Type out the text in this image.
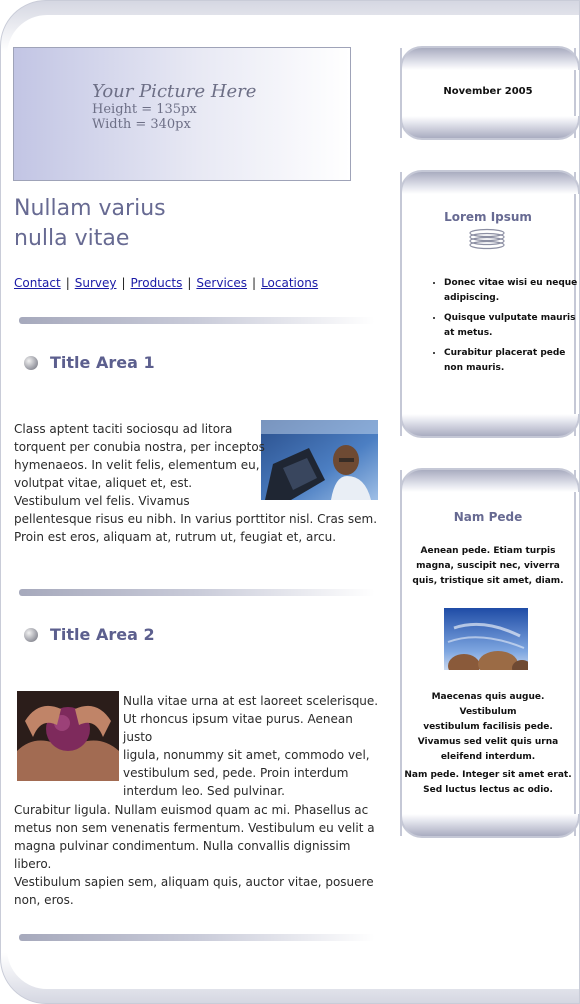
Your Picture Here
Height = 135px
Width = 340px
Nullam varius
nulla vitae
Contact | Survey | Products | Services | Locations
Title Area 1
Class aptent taciti sociosqu ad litora
torquent per conubia nostra, per inceptos
hymenaeos. In velit felis, elementum eu,
volutpat vitae, aliquet et, est.
Vestibulum vel felis. Vivamus
pellentesque risus eu nibh. In varius porttitor nisl. Cras sem.
Proin est eros, aliquam at, rutrum ut, feugiat et, arcu.
Title Area 2
Nulla vitae urna at est laoreet scelerisque.
Ut rhoncus ipsum vitae purus. Aenean justo
ligula, nonummy sit amet, commodo vel,
vestibulum sed, pede. Proin interdum
interdum leo. Sed pulvinar.
Curabitur ligula. Nullam euismod quam ac mi. Phasellus ac
metus non sem venenatis fermentum. Vestibulum eu velit a
magna pulvinar condimentum. Nulla convallis dignissim libero.
Vestibulum sapien sem, aliquam quis, auctor vitae, posuere
non, eros.
November 2005
Lorem Ipsum
• Donec vitae wisi eu neque adipiscing.
• Quisque vulputate mauris at metus.
• Curabitur placerat pede non mauris.
Nam Pede
Aenean pede. Etiam turpis
magna, suscipit nec, viverra
quis, tristique sit amet, diam.
Maecenas quis augue. Vestibulum
vestibulum facilisis pede.
Vivamus sed velit quis urna
eleifend interdum.
Nam pede. Integer sit amet erat.
Sed luctus lectus ac odio.
